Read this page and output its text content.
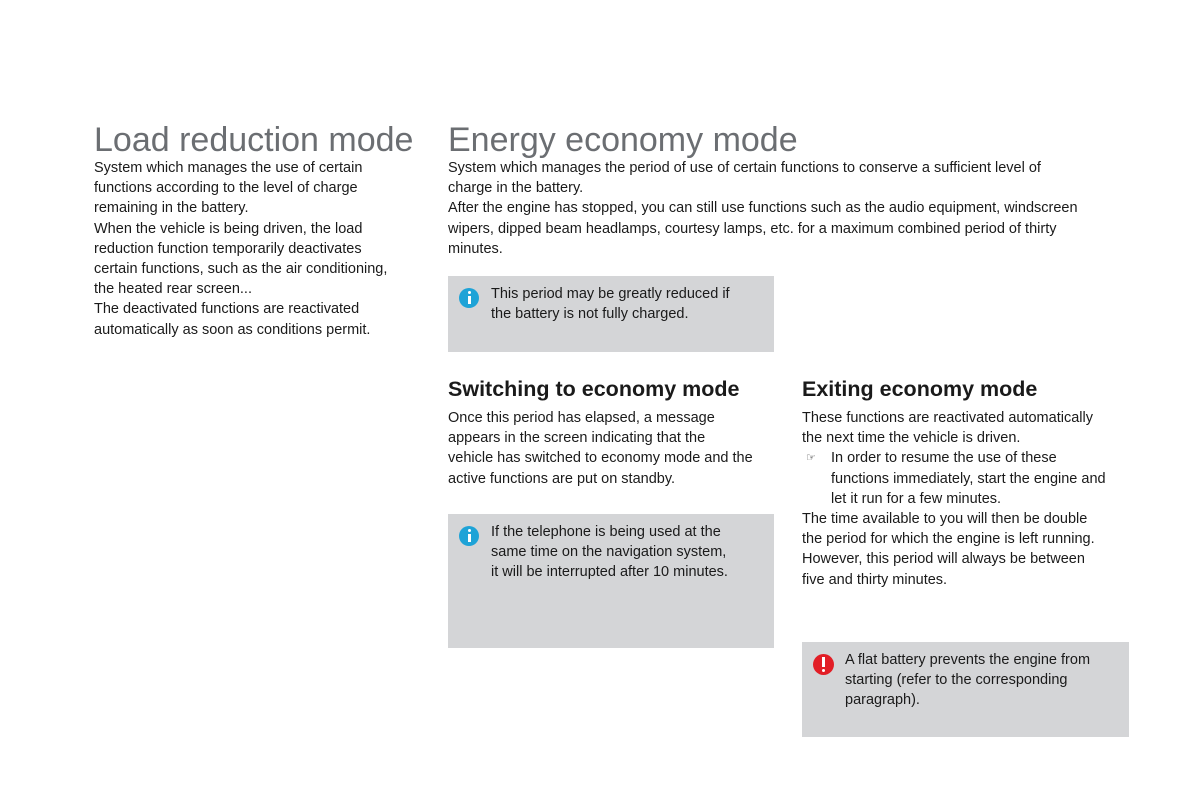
Load reduction mode

System which manages the use of certain

functions according to the level of charge

remaining in the battery.

When the vehicle is being driven, the load

reduction function temporarily deactivates

certain functions, such as the air conditioning,

the heated rear screen...

The deactivated functions are reactivated

automatically as soon as conditions permit.

Energy economy mode

System which manages the period of use of certain functions to conserve a sufficient level of

charge in the battery.

After the engine has stopped, you can still use functions such as the audio equipment, windscreen

wipers, dipped beam headlamps, courtesy lamps, etc. for a maximum combined period of thirty

minutes.

This period may be greatly reduced if

the battery is not fully charged.

Switching to economy mode

Once this period has elapsed, a message

appears in the screen indicating that the

vehicle has switched to economy mode and the

active functions are put on standby.

If the telephone is being used at the

same time on the navigation system,

it will be interrupted after 10 minutes.

Exiting economy mode

These functions are reactivated automatically

the next time the vehicle is driven.

☞ In order to resume the use of these

functions immediately, start the engine and

let it run for a few minutes.

The time available to you will then be double

the period for which the engine is left running.

However, this period will always be between

five and thirty minutes.

A flat battery prevents the engine from

starting (refer to the corresponding

paragraph).
